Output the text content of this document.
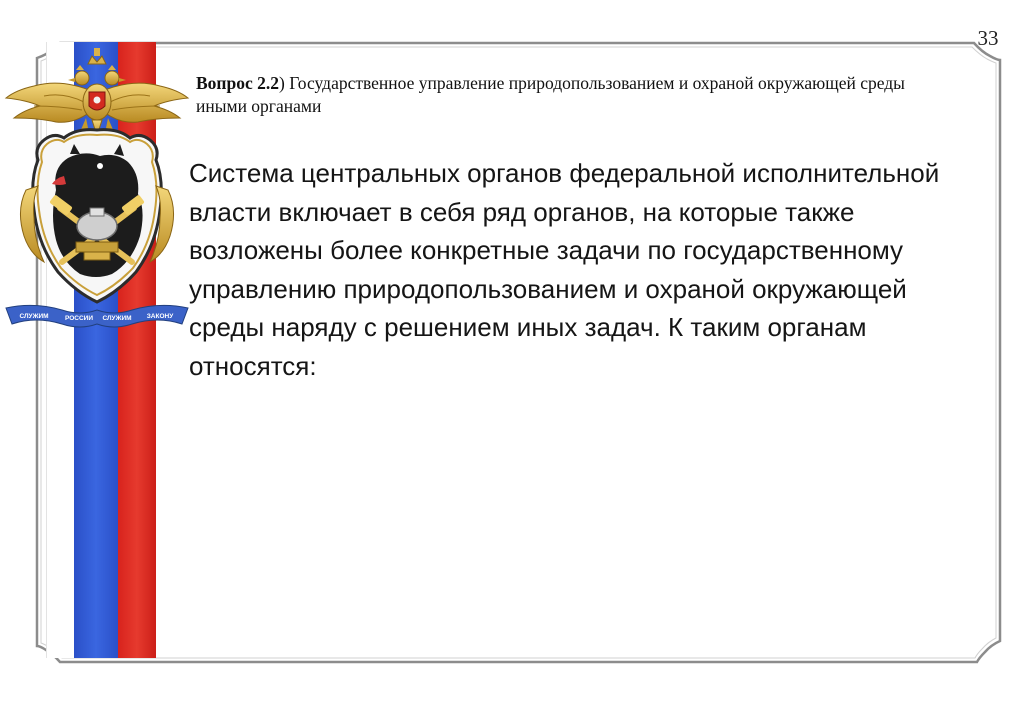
СЛУЖИМ	РОССИИ СЛУЖИМ ЗАКОНУ
33
Вопрос 2.2) Государственное управление природопользованием и охраной окружающей среды иными органами
Система центральных органов федеральной исполнительной власти включает в себя ряд органов, на которые также возложены более конкретные задачи по государственному управлению природопользованием и охраной окружающей среды наряду с решением иных задач. К таким органам относятся:
